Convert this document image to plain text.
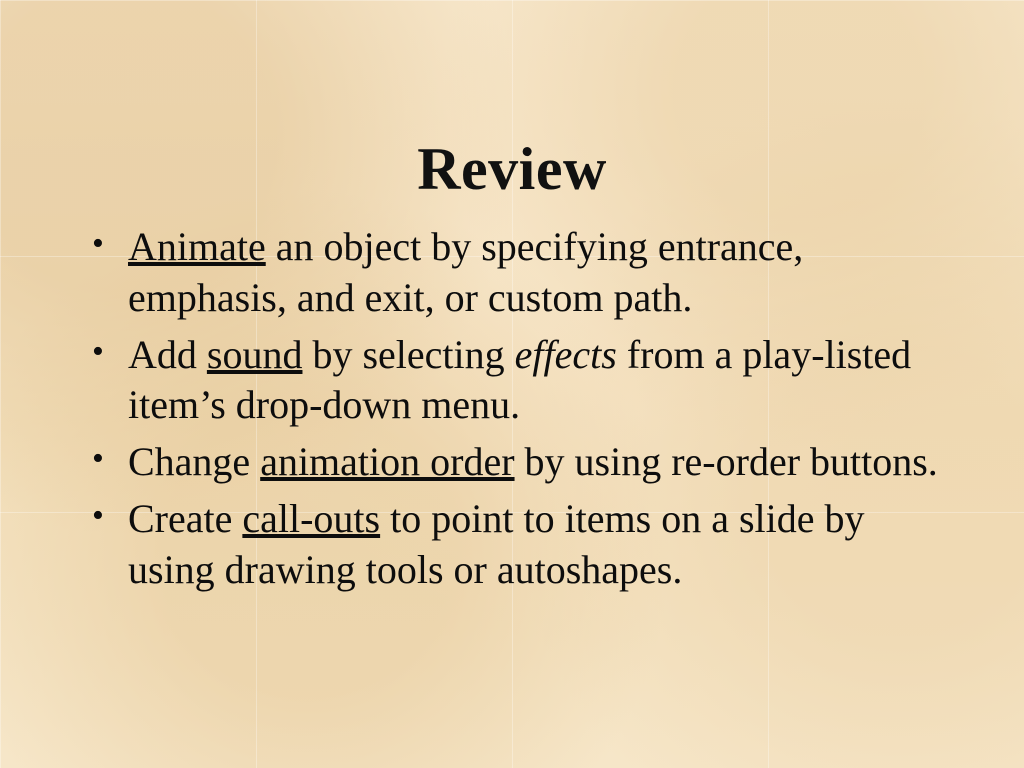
Review
• Animate an object by specifying entrance, emphasis, and exit, or custom path.
• Add sound by selecting effects from a play-listed item’s drop-down menu.
• Change animation order by using re-order buttons.
• Create call-outs to point to items on a slide by using drawing tools or autoshapes.
